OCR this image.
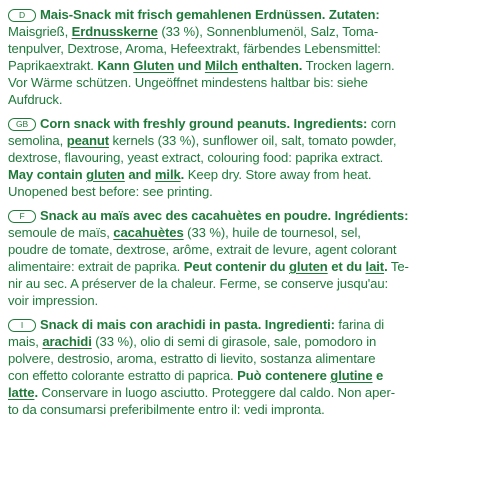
D Mais-Snack mit frisch gemahlenen Erdnüssen. Zutaten:
Maisgrieß, Erdnusskerne (33 %), Sonnenblumenöl, Salz, Toma-
tenpulver, Dextrose, Aroma, Hefeextrakt, färbendes Lebensmittel:
Paprikaextrakt. Kann Gluten und Milch enthalten. Trocken lagern.
Vor Wärme schützen. Ungeöffnet mindestens haltbar bis: siehe
Aufdruck.
GB Corn snack with freshly ground peanuts. Ingredients: corn
semolina, peanut kernels (33 %), sunflower oil, salt, tomato powder,
dextrose, flavouring, yeast extract, colouring food: paprika extract.
May contain gluten and milk. Keep dry. Store away from heat.
Unopened best before: see printing.
F Snack au maïs avec des cacahuètes en poudre. Ingrédients:
semoule de maïs, cacahuètes (33 %), huile de tournesol, sel,
poudre de tomate, dextrose, arôme, extrait de levure, agent colorant
alimentaire: extrait de paprika. Peut contenir du gluten et du lait. Te-
nir au sec. A préserver de la chaleur. Ferme, se conserve jusqu'au:
voir impression.
I Snack di mais con arachidi in pasta. Ingredienti: farina di
mais, arachidi (33 %), olio di semi di girasole, sale, pomodoro in
polvere, destrosio, aroma, estratto di lievito, sostanza alimentare
con effetto colorante estratto di paprica. Può contenere glutine e
latte. Conservare in luogo asciutto. Proteggere dal caldo. Non aper-
to da consumarsi preferibilmente entro il: vedi impronta.
